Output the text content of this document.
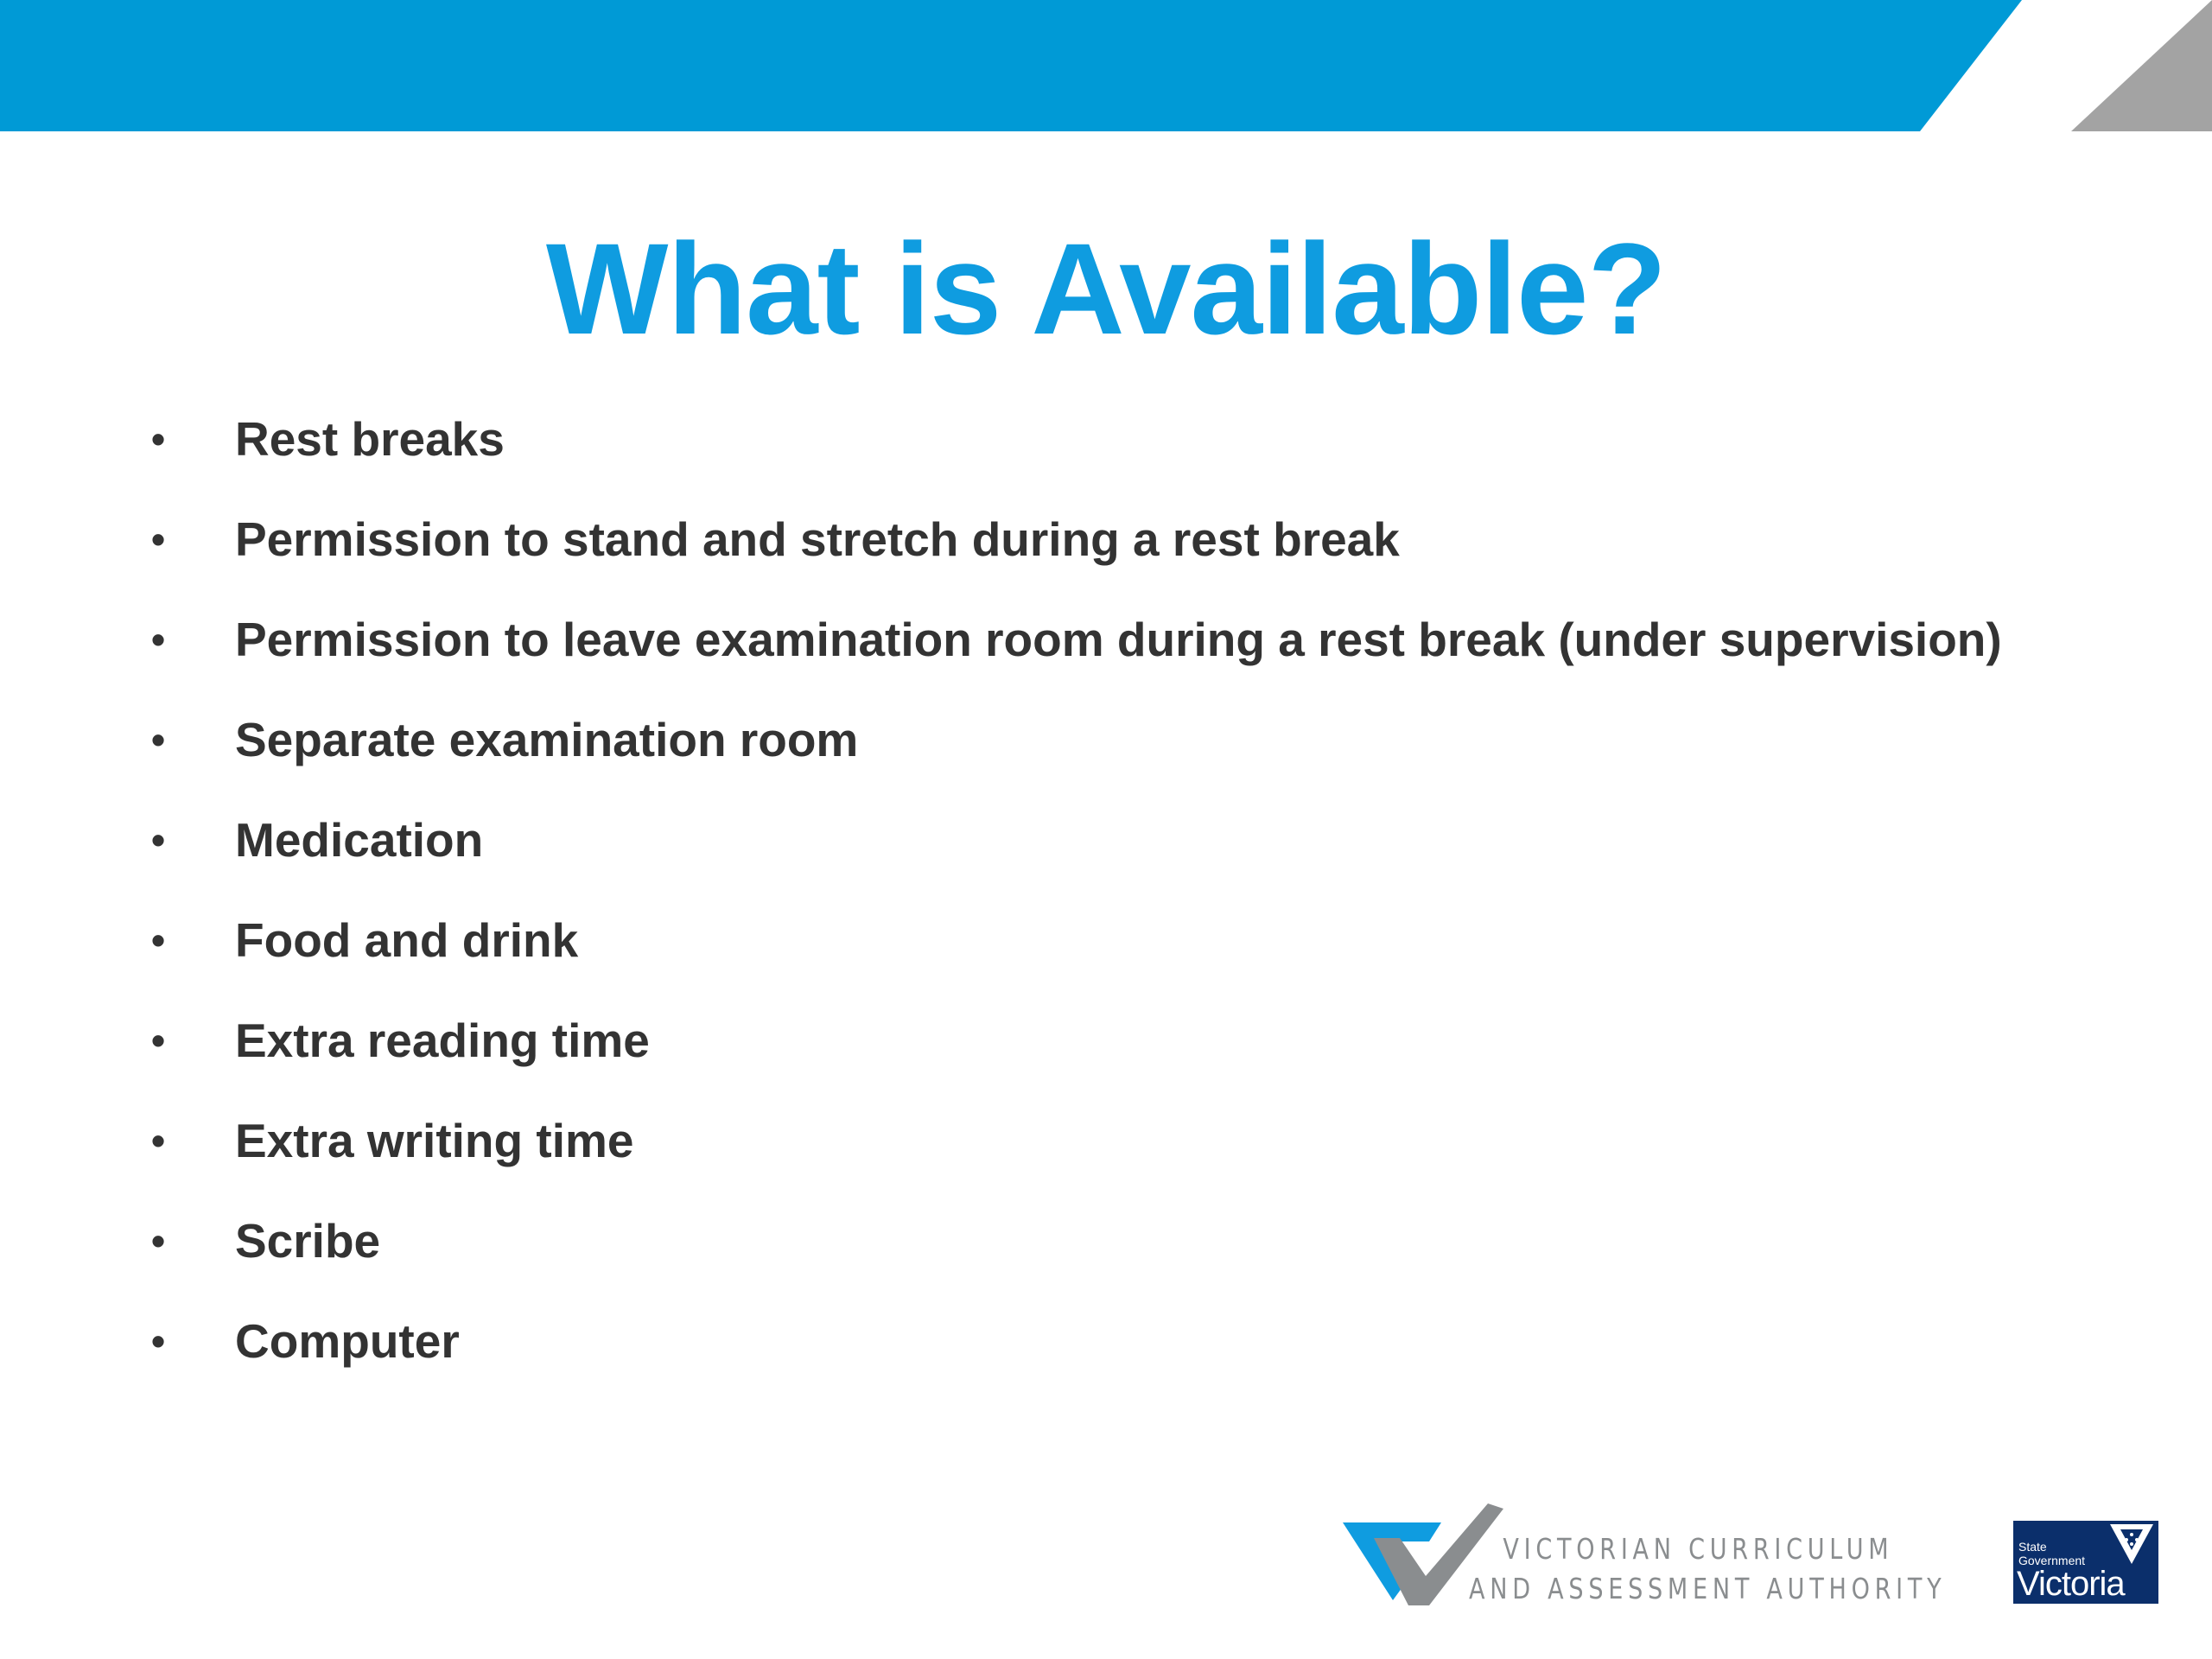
What is Available?
• Rest breaks
• Permission to stand and stretch during a rest break
• Permission to leave examination room during a rest break (under supervision)
• Separate examination room
• Medication
• Food and drink
• Extra reading time
• Extra writing time
• Scribe
• Computer
VICTORIAN CURRICULUM
AND ASSESSMENT AUTHORITY
State
Government
Victoria
